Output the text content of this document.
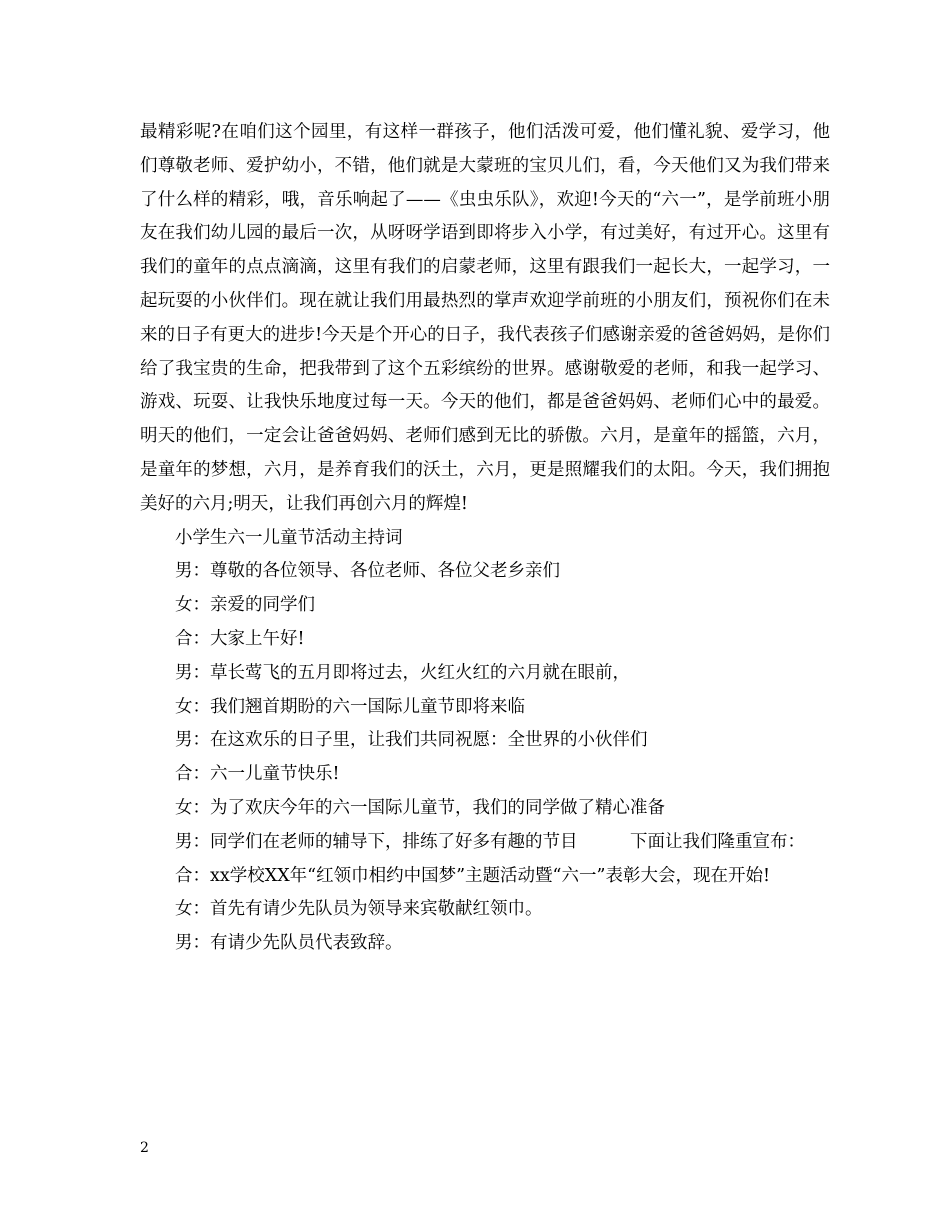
最精彩呢?在咱们这个园里，有这样一群孩子，他们活泼可爱，他们懂礼貌、爱学习，他们尊敬老师、爱护幼小，不错，他们就是大蒙班的宝贝儿们，看，今天他们又为我们带来了什么样的精彩，哦，音乐响起了——《虫虫乐队》，欢迎!今天的“六一”，是学前班小朋友在我们幼儿园的最后一次，从呀呀学语到即将步入小学，有过美好，有过开心。这里有我们的童年的点点滴滴，这里有我们的启蒙老师，这里有跟我们一起长大，一起学习，一起玩耍的小伙伴们。现在就让我们用最热烈的掌声欢迎学前班的小朋友们，预祝你们在未来的日子有更大的进步!今天是个开心的日子，我代表孩子们感谢亲爱的爸爸妈妈，是你们给了我宝贵的生命，把我带到了这个五彩缤纷的世界。感谢敬爱的老师，和我一起学习、游戏、玩耍、让我快乐地度过每一天。今天的他们，都是爸爸妈妈、老师们心中的最爱。明天的他们，一定会让爸爸妈妈、老师们感到无比的骄傲。六月，是童年的摇篮，六月，是童年的梦想，六月，是养育我们的沃土，六月，更是照耀我们的太阳。今天，我们拥抱美好的六月;明天，让我们再创六月的辉煌!

小学生六一儿童节活动主持词

男：尊敬的各位领导、各位老师、各位父老乡亲们

女：亲爱的同学们

合：大家上午好!

男：草长莺飞的五月即将过去，火红火红的六月就在眼前，

女：我们翘首期盼的六一国际儿童节即将来临

男：在这欢乐的日子里，让我们共同祝愿：全世界的小伙伴们

合：六一儿童节快乐!

女：为了欢庆今年的六一国际儿童节，我们的同学做了精心准备

男：同学们在老师的辅导下，排练了好多有趣的节目　　　下面让我们隆重宣布：

合：xx学校XX年“红领巾相约中国梦”主题活动暨“六一”表彰大会，现在开始!

女：首先有请少先队员为领导来宾敬献红领巾。

男：有请少先队员代表致辞。

2
